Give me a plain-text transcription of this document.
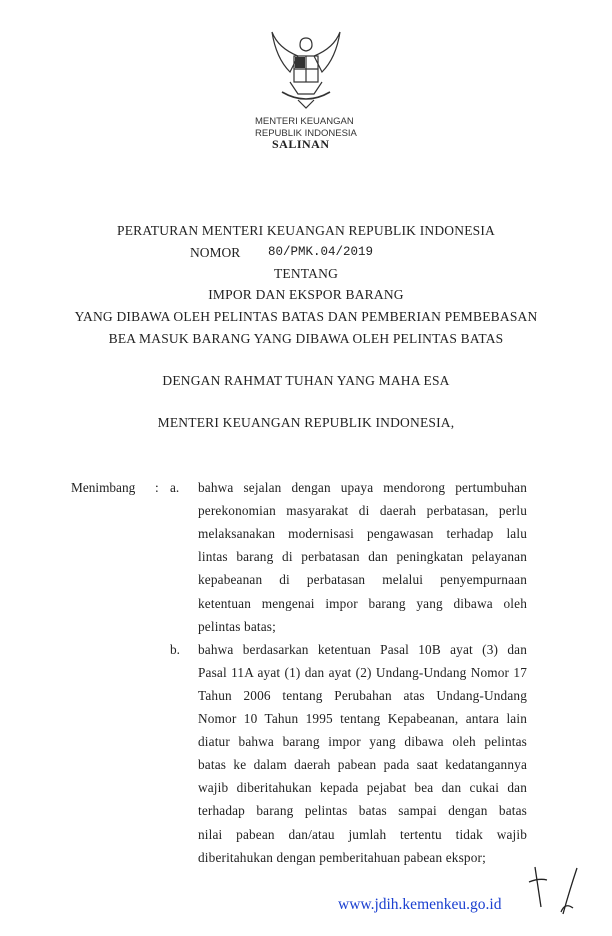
MENTERI KEUANGAN
REPUBLIK INDONESIA
SALINAN
PERATURAN MENTERI KEUANGAN REPUBLIK INDONESIA
NOMOR 80/PMK.04/2019
TENTANG
IMPOR DAN EKSPOR BARANG
YANG DIBAWA OLEH PELINTAS BATAS DAN PEMBERIAN PEMBEBASAN
BEA MASUK BARANG YANG DIBAWA OLEH PELINTAS BATAS
DENGAN RAHMAT TUHAN YANG MAHA ESA
MENTERI KEUANGAN REPUBLIK INDONESIA,
Menimbang : a. bahwa sejalan dengan upaya mendorong pertumbuhan
perekonomian masyarakat di daerah perbatasan, perlu
melaksanakan modernisasi pengawasan terhadap lalu
lintas barang di perbatasan dan peningkatan pelayanan
kepabeanan di perbatasan melalui penyempurnaan
ketentuan mengenai impor barang yang dibawa oleh
pelintas batas;
b. bahwa berdasarkan ketentuan Pasal 10B ayat (3) dan
Pasal 11A ayat (1) dan ayat (2) Undang-Undang Nomor 17
Tahun 2006 tentang Perubahan atas Undang-Undang
Nomor 10 Tahun 1995 tentang Kepabeanan, antara lain
diatur bahwa barang impor yang dibawa oleh pelintas
batas ke dalam daerah pabean pada saat kedatangannya
wajib diberitahukan kepada pejabat bea dan cukai dan
terhadap barang pelintas batas sampai dengan batas
nilai pabean dan/atau jumlah tertentu tidak wajib
diberitahukan dengan pemberitahuan pabean ekspor;
www.jdih.kemenkeu.go.id
